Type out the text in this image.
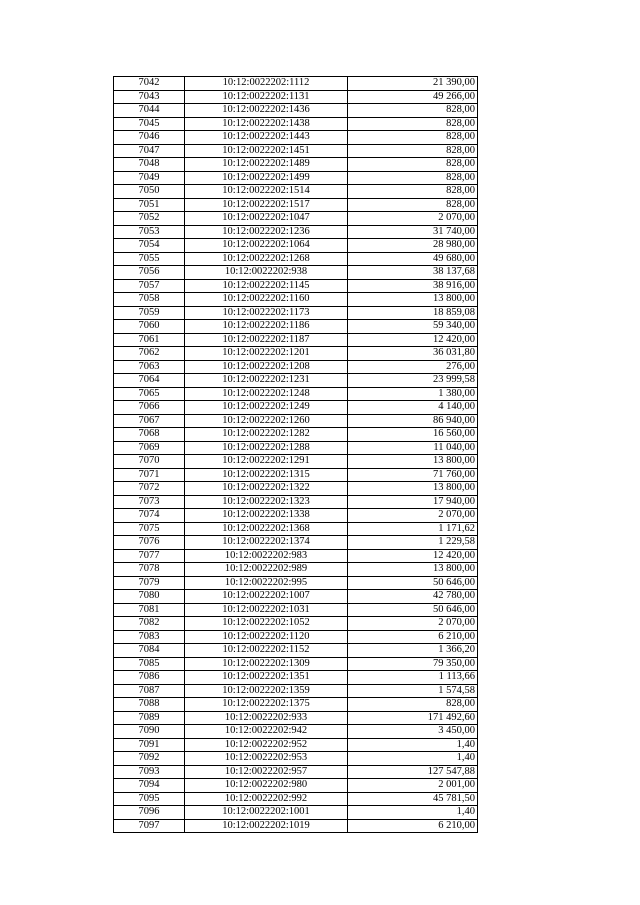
7042	10:12:0022202:1112	21 390,00
7043	10:12:0022202:1131	49 266,00
7044	10:12:0022202:1436	828,00
7045	10:12:0022202:1438	828,00
7046	10:12:0022202:1443	828,00
7047	10:12:0022202:1451	828,00
7048	10:12:0022202:1489	828,00
7049	10:12:0022202:1499	828,00
7050	10:12:0022202:1514	828,00
7051	10:12:0022202:1517	828,00
7052	10:12:0022202:1047	2 070,00
7053	10:12:0022202:1236	31 740,00
7054	10:12:0022202:1064	28 980,00
7055	10:12:0022202:1268	49 680,00
7056	10:12:0022202:938	38 137,68
7057	10:12:0022202:1145	38 916,00
7058	10:12:0022202:1160	13 800,00
7059	10:12:0022202:1173	18 859,08
7060	10:12:0022202:1186	59 340,00
7061	10:12:0022202:1187	12 420,00
7062	10:12:0022202:1201	36 031,80
7063	10:12:0022202:1208	276,00
7064	10:12:0022202:1231	23 999,58
7065	10:12:0022202:1248	1 380,00
7066	10:12:0022202:1249	4 140,00
7067	10:12:0022202:1260	86 940,00
7068	10:12:0022202:1282	16 560,00
7069	10:12:0022202:1288	11 040,00
7070	10:12:0022202:1291	13 800,00
7071	10:12:0022202:1315	71 760,00
7072	10:12:0022202:1322	13 800,00
7073	10:12:0022202:1323	17 940,00
7074	10:12:0022202:1338	2 070,00
7075	10:12:0022202:1368	1 171,62
7076	10:12:0022202:1374	1 229,58
7077	10:12:0022202:983	12 420,00
7078	10:12:0022202:989	13 800,00
7079	10:12:0022202:995	50 646,00
7080	10:12:0022202:1007	42 780,00
7081	10:12:0022202:1031	50 646,00
7082	10:12:0022202:1052	2 070,00
7083	10:12:0022202:1120	6 210,00
7084	10:12:0022202:1152	1 366,20
7085	10:12:0022202:1309	79 350,00
7086	10:12:0022202:1351	1 113,66
7087	10:12:0022202:1359	1 574,58
7088	10:12:0022202:1375	828,00
7089	10:12:0022202:933	171 492,60
7090	10:12:0022202:942	3 450,00
7091	10:12:0022202:952	1,40
7092	10:12:0022202:953	1,40
7093	10:12:0022202:957	127 547,88
7094	10:12:0022202:980	2 001,00
7095	10:12:0022202:992	45 781,50
7096	10:12:0022202:1001	1,40
7097	10:12:0022202:1019	6 210,00
